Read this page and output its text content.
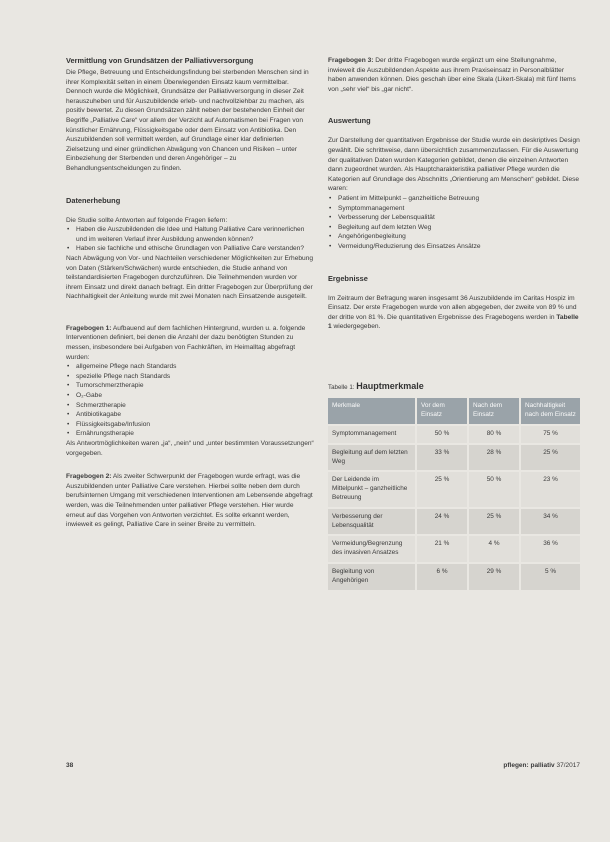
Vermittlung von Grundsätzen der Palliativversorgung

Die Pflege, Betreuung und Entscheidungsfindung bei sterbenden Menschen sind in ihrer Komplexität selten in einem Überwiegenden Einsatz kaum vermittelbar. Dennoch wurde die Möglichkeit, Grundsätze der Palliativversorgung in dieser Zeit herauszuheben und für Auszubildende erleb- und nachvollziehbar zu machen, als positiv bewertet. Zu diesen Grundsätzen zählt neben der bestehenden Einheit der Begriffe „Palliative Care“ vor allem der Verzicht auf Automatismen bei Fragen von künstlicher Ernährung, Flüssigkeitsgabe oder dem Einsatz von Antibiotika. Den Auszubildenden soll vermittelt werden, auf Grundlage einer klar definierten Zielsetzung und einer gründlichen Abwägung von Chancen und Risiken – unter Einbeziehung der Sterbenden und deren Angehöriger – zu Behandlungsentscheidungen zu finden.

Datenerhebung

Die Studie sollte Antworten auf folgende Fragen liefern:

• Haben die Auszubildenden die Idee und Haltung Palliative Care verinnerlichen und im weiteren Verlauf ihrer Ausbildung anwenden können?
• Haben sie fachliche und ethische Grundlagen von Palliative Care verstanden?

Nach Abwägung von Vor- und Nachteilen verschiedener Möglichkeiten zur Erhebung von Daten (Stärken/Schwächen) wurde entschieden, die Studie anhand von teilstandardisierten Fragebogen durchzuführen. Die Teilnehmenden wurden vor ihrem Einsatz und direkt danach befragt. Ein dritter Fragebogen zur Überprüfung der Nachhaltigkeit der Anleitung wurde mit zwei Monaten nach Einsatzende ausgeteilt.

Fragebogen 1: Aufbauend auf dem fachlichen Hintergrund, wurden u. a. folgende Interventionen definiert, bei denen die Anzahl der dazu benötigten Stunden zu messen, insbesondere bei Aufgaben von Fachkräften, im Heimalltag abgefragt wurden:

• allgemeine Pflege nach Standards
• spezielle Pflege nach Standards
• Tumorschmerztherapie
• O₂-Gabe
• Schmerztherapie
• Antibiotikagabe
• Flüssigkeitsgabe/Infusion
• Ernährungstherapie

Als Antwortmöglichkeiten waren „ja“, „nein“ und „unter bestimmten Voraussetzungen“ vorgegeben.

Fragebogen 2: Als zweiter Schwerpunkt der Fragebogen wurde erfragt, was die Auszubildenden unter Palliative Care verstehen. Hierbei sollte neben dem durch berufsinternen Umgang mit verschiedenen Interventionen am Lebensende abgefragt werden, was die Teilnehmenden unter palliativer Pflege verstehen. Hier wurde erneut auf das Vorgehen von Antworten verzichtet. Es sollte erkannt werden, inwieweit es gelingt, Palliative Care in seiner Breite zu vermitteln.

Fragebogen 3: Der dritte Fragebogen wurde ergänzt um eine Stellungnahme, inwieweit die Auszubildenden Aspekte aus ihrem Praxiseinsatz in Personalblätter haben anwenden können. Dies geschah über eine Skala (Likert-Skala) mit fünf Items von „sehr viel“ bis „gar nicht“.

Auswertung

Zur Darstellung der quantitativen Ergebnisse der Studie wurde ein deskriptives Design gewählt. Die schrittweise, dann übersichtlich zusammenzufassen. Für die Auswertung der qualitativen Daten wurden Kategorien gebildet, denen die einzelnen Antworten dann zugeordnet wurden. Als Hauptcharakteristika palliativer Pflege wurden die Kategorien auf Grundlage des Abschnitts „Orientierung am Menschen“ gebildet. Diese waren:

• Patient im Mittelpunkt – ganzheitliche Betreuung
• Symptommanagement
• Verbesserung der Lebensqualität
• Begleitung auf dem letzten Weg
• Angehörigenbegleitung
• Vermeidung/Reduzierung des Einsatzes Ansätze
Ergebnisse

Im Zeitraum der Befragung waren insgesamt 36 Auszubildende im Caritas Hospiz im Einsatz. Der erste Fragebogen wurde von allen abgegeben, der zweite von 89 % und der dritte von 81 %. Die quantitativen Ergebnisse des Fragebogens werden in Tabelle 1 wiedergegeben.

Tabelle 1: Hauptmerkmale
Merkmale	Vor dem Einsatz	Nach dem Einsatz	Nachhaltigkeit nach dem Einsatz
Symptommanagement	50 %	80 %	75 %
Begleitung auf dem letzten Weg	33 %	28 %	25 %
Der Leidende im Mittelpunkt – ganzheitliche Betreuung	25 %	50 %	23 %
Verbesserung der Lebensqualität	24 %	25 %	34 %
Vermeidung/Begrenzung des invasiven Ansatzes	21 %	4 %	36 %
Begleitung von Angehörigen	6 %	29 %	5 %
38	pflegen: palliativ 37/2017
